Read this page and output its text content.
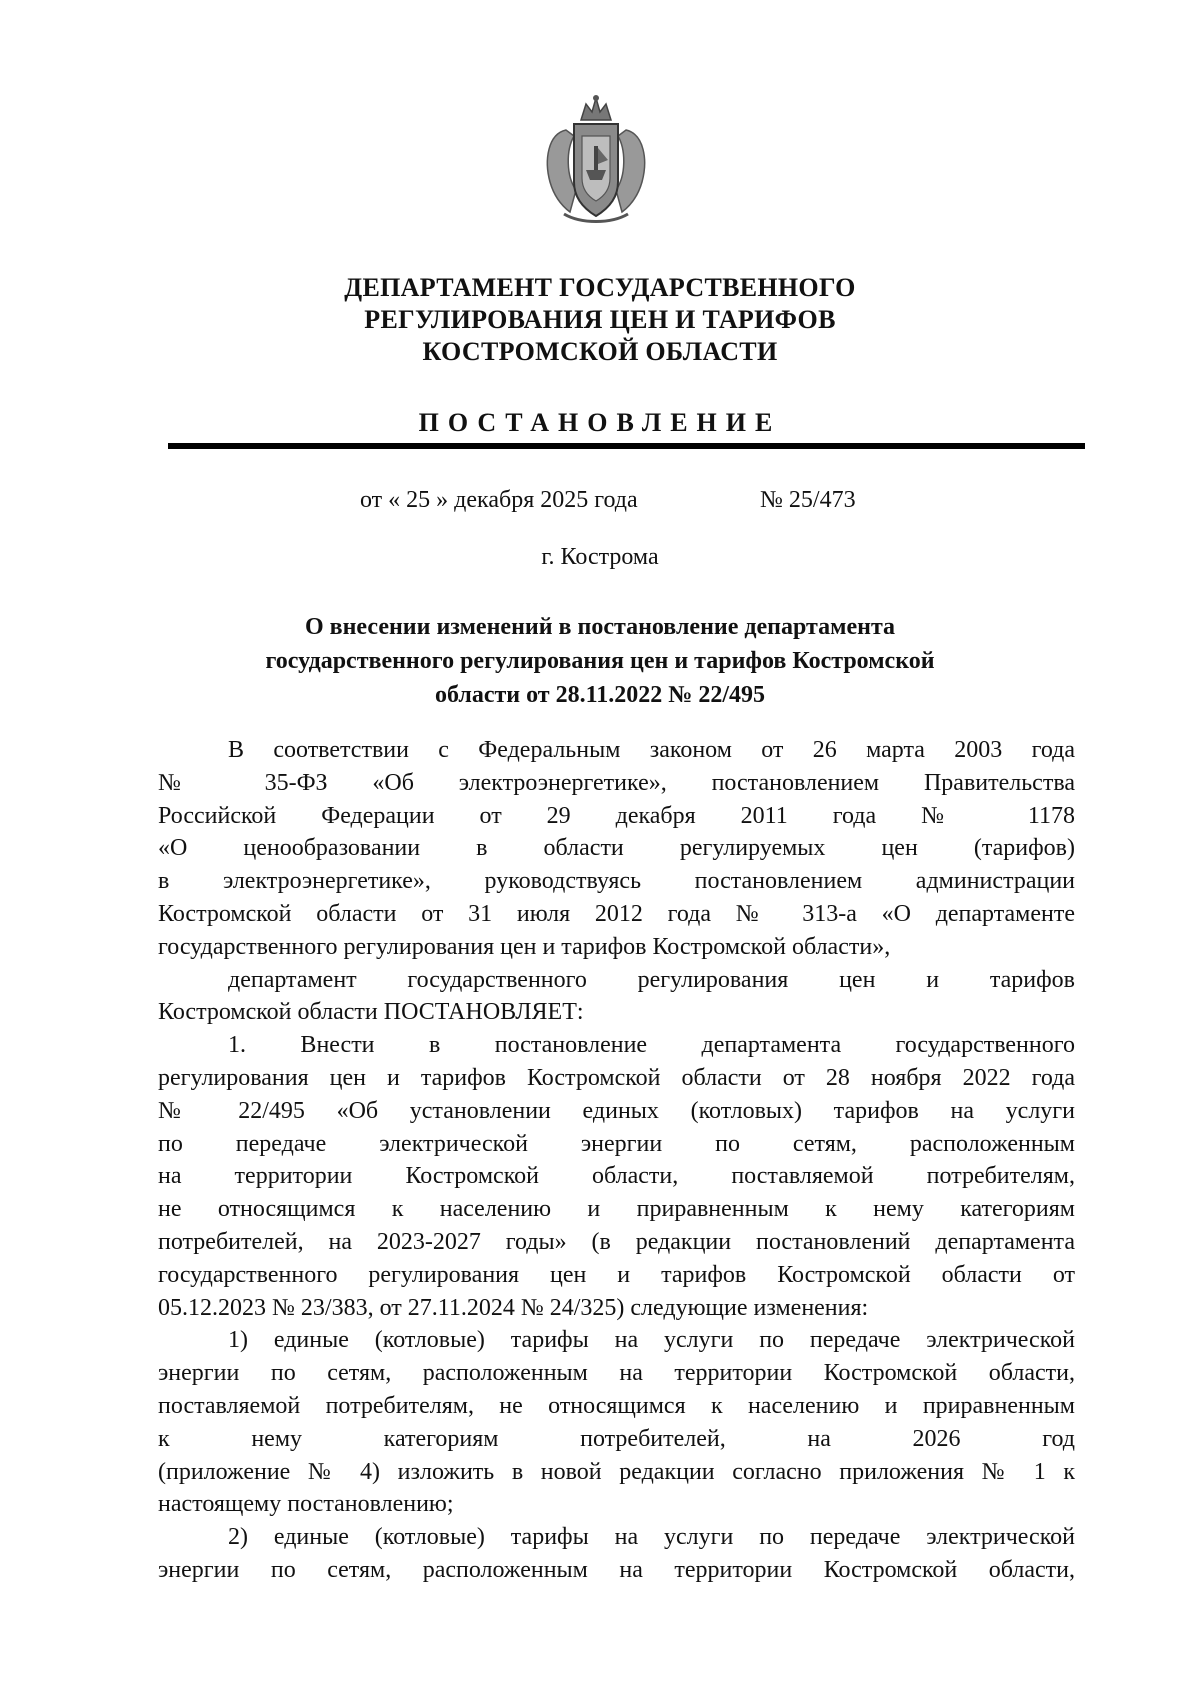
ДЕПАРТАМЕНТ ГОСУДАРСТВЕННОГО
РЕГУЛИРОВАНИЯ ЦЕН И ТАРИФОВ
КОСТРОМСКОЙ ОБЛАСТИ
ПОСТАНОВЛЕНИЕ
от « 25 » декабря 2025 года	№ 25/473
г. Кострома
О внесении изменений в постановление департамента
государственного регулирования цен и тарифов Костромской
области от 28.11.2022 № 22/495
В соответствии с Федеральным законом от 26 марта 2003 года
№ 35-ФЗ «Об электроэнергетике», постановлением Правительства
Российской Федерации от 29 декабря 2011 года № 1178
«О ценообразовании в области регулируемых цен (тарифов)
в электроэнергетике», руководствуясь постановлением администрации
Костромской области от 31 июля 2012 года № 313-а «О департаменте
государственного регулирования цен и тарифов Костромской области»,
департамент государственного регулирования цен и тарифов
Костромской области ПОСТАНОВЛЯЕТ:
1. Внести в постановление департамента государственного
регулирования цен и тарифов Костромской области от 28 ноября 2022 года
№ 22/495 «Об установлении единых (котловых) тарифов на услуги
по передаче электрической энергии по сетям, расположенным
на территории Костромской области, поставляемой потребителям,
не относящимся к населению и приравненным к нему категориям
потребителей, на 2023-2027 годы» (в редакции постановлений департамента
государственного регулирования цен и тарифов Костромской области от
05.12.2023 № 23/383, от 27.11.2024 № 24/325) следующие изменения:
1) единые (котловые) тарифы на услуги по передаче электрической
энергии по сетям, расположенным на территории Костромской области,
поставляемой потребителям, не относящимся к населению и приравненным
к нему категориям потребителей, на 2026 год
(приложение № 4) изложить в новой редакции согласно приложения № 1 к
настоящему постановлению;
2) единые (котловые) тарифы на услуги по передаче электрической
энергии по сетям, расположенным на территории Костромской области,
